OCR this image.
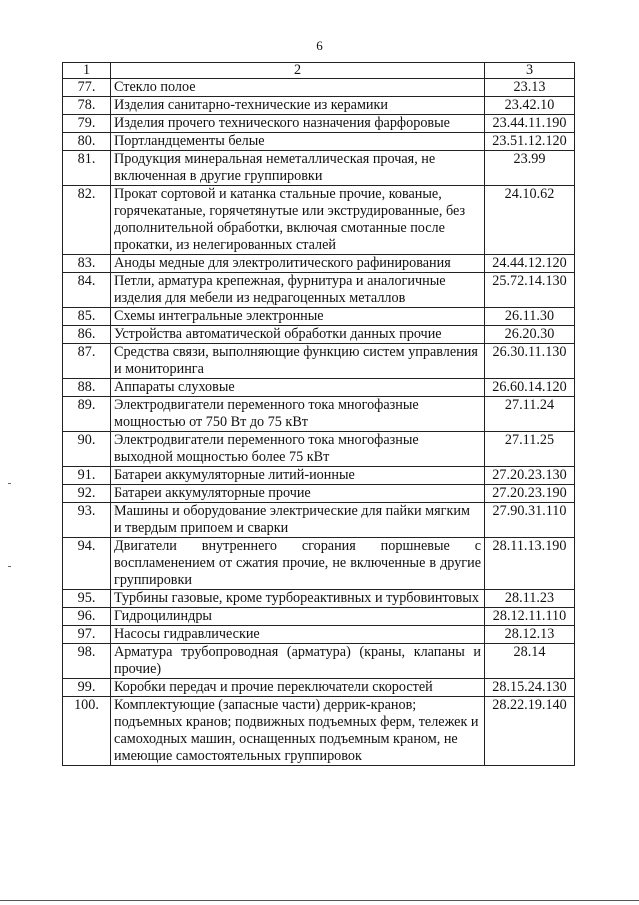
6
1	2	3
77.	Стекло полое	23.13
78.	Изделия санитарно-технические из керамики	23.42.10
79.	Изделия прочего технического назначения фарфоровые	23.44.11.190
80.	Портландцементы белые	23.51.12.120
81.	Продукция минеральная неметаллическая прочая, не включенная в другие группировки	23.99
82.	Прокат сортовой и катанка стальные прочие, кованые, горячекатаные, горячетянутые или экструдированные, без дополнительной обработки, включая смотанные после прокатки, из нелегированных сталей	24.10.62
83.	Аноды медные для электролитического рафинирования	24.44.12.120
84.	Петли, арматура крепежная, фурнитура и аналогичные изделия для мебели из недрагоценных металлов	25.72.14.130
85.	Схемы интегральные электронные	26.11.30
86.	Устройства автоматической обработки данных прочие	26.20.30
87.	Средства связи, выполняющие функцию систем управления и мониторинга	26.30.11.130
88.	Аппараты слуховые	26.60.14.120
89.	Электродвигатели переменного тока многофазные мощностью от 750 Вт до 75 кВт	27.11.24
90.	Электродвигатели переменного тока многофазные выходной мощностью более 75 кВт	27.11.25
91.	Батареи аккумуляторные литий-ионные	27.20.23.130
92.	Батареи аккумуляторные прочие	27.20.23.190
93.	Машины и оборудование электрические для пайки мягким и твердым припоем и сварки	27.90.31.110
94.	Двигатели внутреннего сгорания поршневые с воспламенением от сжатия прочие, не включенные в другие группировки	28.11.13.190
95.	Турбины газовые, кроме турбореактивных и турбовинтовых	28.11.23
96.	Гидроцилиндры	28.12.11.110
97.	Насосы гидравлические	28.12.13
98.	Арматура трубопроводная (арматура) (краны, клапаны и прочие)	28.14
99.	Коробки передач и прочие переключатели скоростей	28.15.24.130
100.	Комплектующие (запасные части) деррик-кранов; подъемных кранов; подвижных подъемных ферм, тележек и самоходных машин, оснащенных подъемным краном, не имеющие самостоятельных группировок	28.22.19.140
